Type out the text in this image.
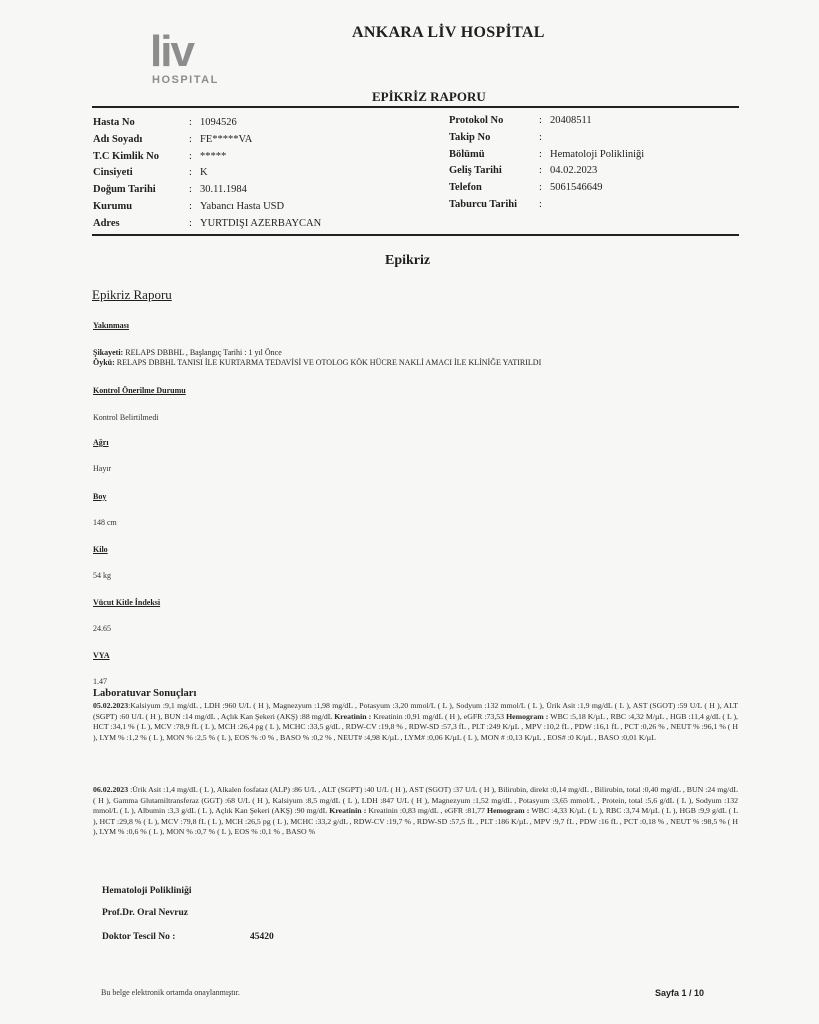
liv
HOSPITAL
ANKARA LİV HOSPİTAL
EPİKRİZ RAPORU
Hasta No	: 1094526
Adı Soyadı	: FE*****VA
T.C Kimlik No	: *****
Cinsiyeti	: K
Doğum Tarihi	: 30.11.1984
Kurumu	: Yabancı Hasta USD
Adres	: YURTDIŞI AZERBAYCAN
Protokol No	: 20408511
Takip No	:
Bölümü	: Hematoloji Polikliniği
Geliş Tarihi	: 04.02.2023
Telefon	: 5061546649
Taburcu Tarihi	:
Epikriz
Epikriz Raporu
Yakınması
Şikayeti: RELAPS DBBHL , Başlangıç Tarihi : 1 yıl Önce
Öykü: RELAPS DBBHL TANISI İLE KURTARMA TEDAVİSİ VE OTOLOG KÖK HÜCRE NAKLİ AMACI İLE KLİNİĞE YATIRILDI
Kontrol Önerilme Durumu
Kontrol Belirtilmedi
Ağrı
Hayır
Boy
148 cm
Kilo
54 kg
Vücut Kitle İndeksi
24.65
VYA
1.47
Laboratuvar Sonuçları
05.02.2023:Kalsiyum :9,1 mg/dL , LDH :960 U/L ( H ), Magnezyum :1,98 mg/dL , Potasyum :3,20 mmol/L ( L ), Sodyum :132 mmol/L ( L ), Ürik Asit :1,9 mg/dL ( L ), AST (SGOT) :59 U/L ( H ), ALT (SGPT) :60 U/L ( H ), BUN :14 mg/dL , Açlık Kan Şekeri (AKŞ) :88 mg/dL Kreatinin : Kreatinin :0,91 mg/dL ( H ), eGFR :73,53 Hemogram : WBC :5,18 K/µL , RBC :4,32 M/µL , HGB :11,4 g/dL ( L ), HCT :34,1 % ( L ), MCV :78,9 fL ( L ), MCH :26,4 pg ( L ), MCHC :33,5 g/dL , RDW-CV :19,8 % , RDW-SD :57,3 fL , PLT :249 K/µL , MPV :10,2 fL , PDW :16,1 fL , PCT :0,26 % , NEUT % :96,1 % ( H ), LYM % :1,2 % ( L ), MON % :2,5 % ( L ), EOS % :0 % , BASO % :0,2 % , NEUT# :4,98 K/µL , LYM# :0,06 K/µL ( L ), MON # :0,13 K/µL , EOS# :0 K/µL , BASO :0,01 K/µL
06.02.2023 :Ürik Asit :1,4 mg/dL ( L ), Alkalen fosfataz (ALP) :86 U/L , ALT (SGPT) :40 U/L ( H ), AST (SGOT) :37 U/L ( H ), Bilirubin, direkt :0,14 mg/dL , Bilirubin, total :0,40 mg/dL , BUN :24 mg/dL ( H ), Gamma Glutamiltransferaz (GGT) :68 U/L ( H ), Kalsiyum :8,5 mg/dL ( L ), LDH :847 U/L ( H ), Magnezyum :1,52 mg/dL , Potasyum :3,65 mmol/L , Protein, total :5,6 g/dL ( L ), Sodyum :132 mmol/L ( L ), Albumin :3,3 g/dL ( L ), Açlık Kan Şekeri (AKŞ) :90 mg/dL Kreatinin : Kreatinin :0,83 mg/dL , eGFR :81,77 Hemogram : WBC :4,33 K/µL ( L ), RBC :3,74 M/µL ( L ), HGB :9,9 g/dL ( L ), HCT :29,8 % ( L ), MCV :79,8 fL ( L ), MCH :26,5 pg ( L ), MCHC :33,2 g/dL , RDW-CV :19,7 % , RDW-SD :57,5 fL , PLT :186 K/µL , MPV :9,7 fL , PDW :16 fL , PCT :0,18 % , NEUT % :98,5 % ( H ), LYM % :0,6 % ( L ), MON % :0,7 % ( L ), EOS % :0,1 % , BASO %
Hematoloji Polikliniği
Prof.Dr. Oral Nevruz
Doktor Tescil No :	45420
Bu belge elektronik ortamda onaylanmıştır.	Sayfa 1 / 10
